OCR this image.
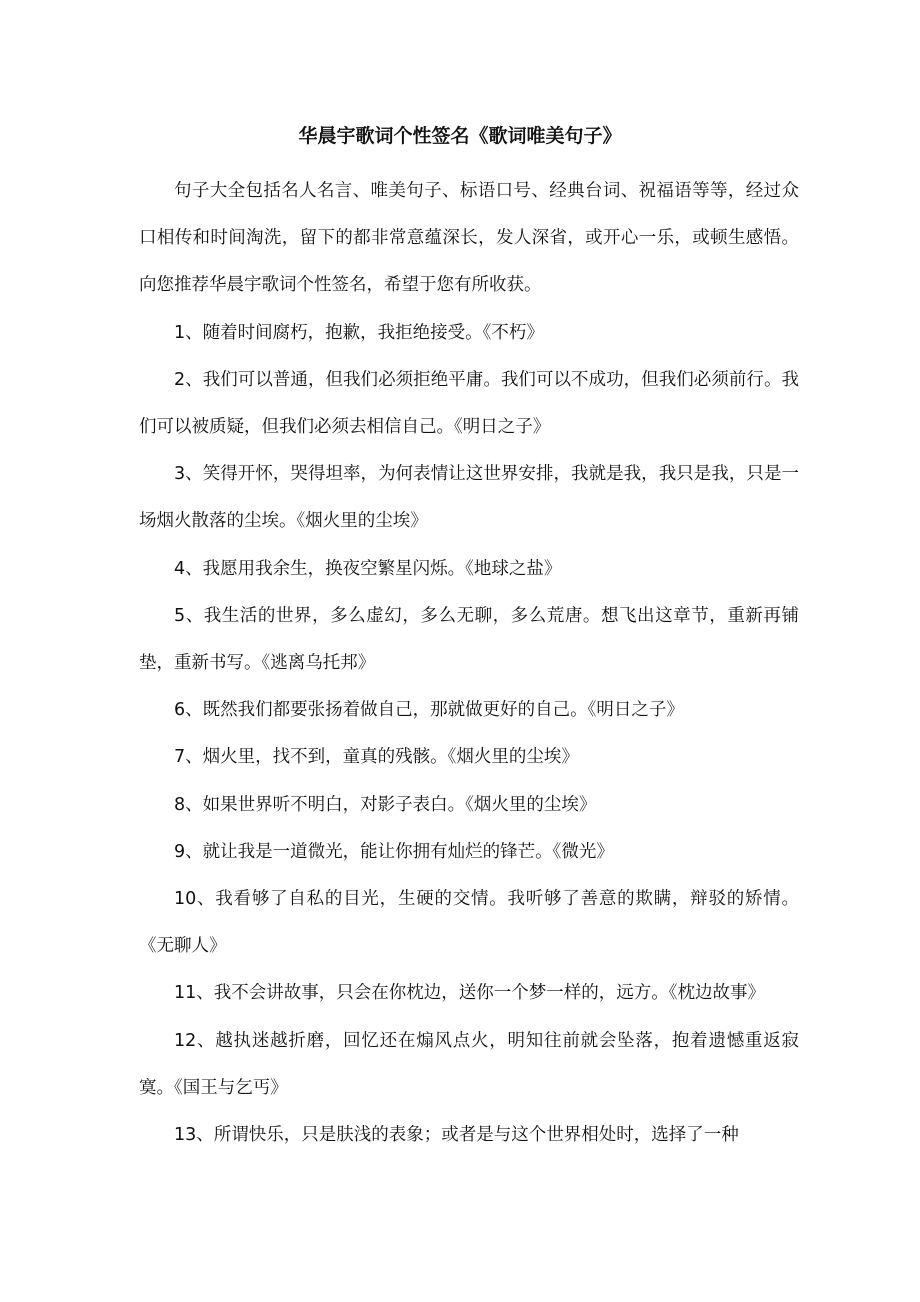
华晨宇歌词个性签名《歌词唯美句子》

句子大全包括名人名言、唯美句子、标语口号、经典台词、祝福语等等，经过众口相传和时间淘洗，留下的都非常意蕴深长，发人深省，或开心一乐，或顿生感悟。向您推荐华晨宇歌词个性签名，希望于您有所收获。

1、随着时间腐朽，抱歉，我拒绝接受。《不朽》

2、我们可以普通，但我们必须拒绝平庸。我们可以不成功，但我们必须前行。我们可以被质疑，但我们必须去相信自己。《明日之子》

3、笑得开怀，哭得坦率，为何表情让这世界安排，我就是我，我只是我，只是一场烟火散落的尘埃。《烟火里的尘埃》

4、我愿用我余生，换夜空繁星闪烁。《地球之盐》

5、我生活的世界，多么虚幻，多么无聊，多么荒唐。想飞出这章节，重新再铺垫，重新书写。《逃离乌托邦》

6、既然我们都要张扬着做自己，那就做更好的自己。《明日之子》

7、烟火里，找不到，童真的残骸。《烟火里的尘埃》

8、如果世界听不明白，对影子表白。《烟火里的尘埃》

9、就让我是一道微光，能让你拥有灿烂的锋芒。《微光》

10、我看够了自私的目光，生硬的交情。我听够了善意的欺瞒，辩驳的矫情。《无聊人》

11、我不会讲故事，只会在你枕边，送你一个梦一样的，远方。《枕边故事》

12、越执迷越折磨，回忆还在煽风点火，明知往前就会坠落，抱着遗憾重返寂寞。《国王与乞丐》

13、所谓快乐，只是肤浅的表象；或者是与这个世界相处时，选择了一种
